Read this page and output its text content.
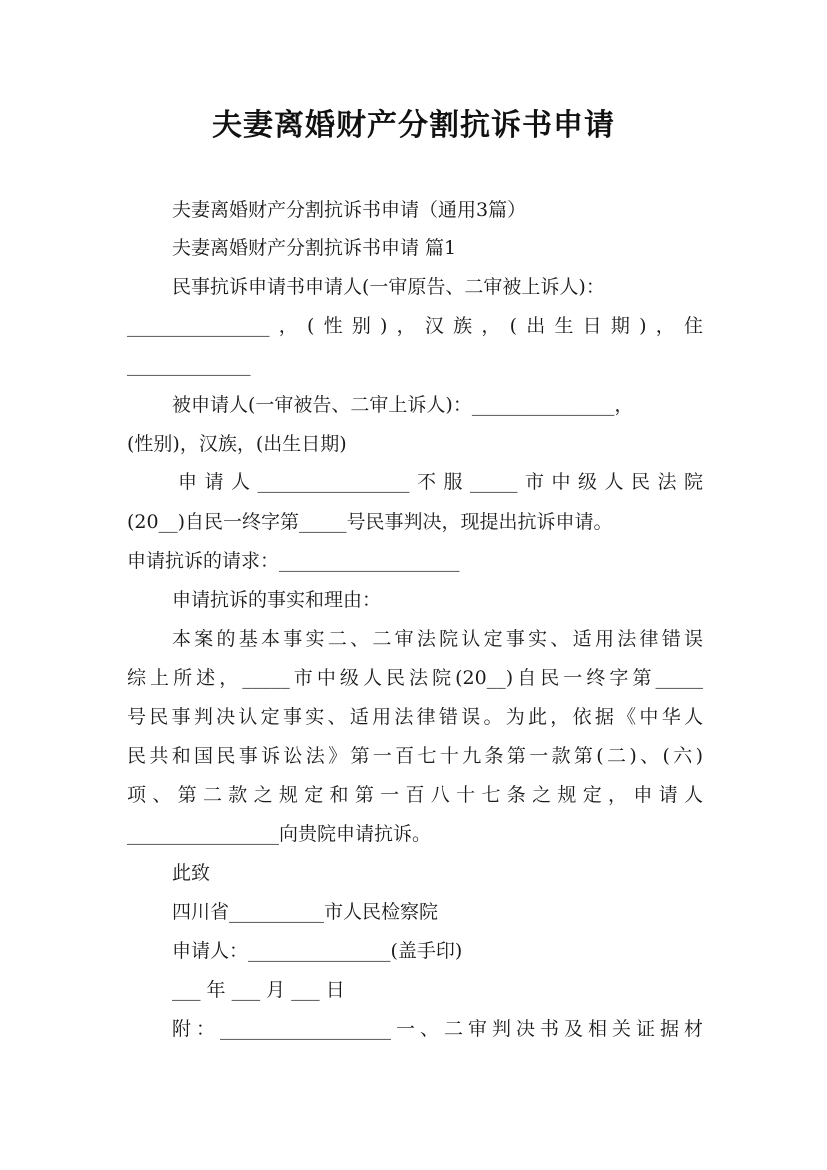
夫妻离婚财产分割抗诉书申请
夫妻离婚财产分割抗诉书申请（通用3篇）
夫妻离婚财产分割抗诉书申请 篇1
民事抗诉申请书申请人(一审原告、二审被上诉人)：
_______________，(性别)，汉族，(出生日期)，住
_____________
被申请人(一审被告、二审上诉人)：_______________，
(性别)，汉族，(出生日期)
申请人________________不服_____市中级人民法院
(20__)自民一终字第_____号民事判决，现提出抗诉申请。
申请抗诉的请求：___________________
申请抗诉的事实和理由：
本案的基本事实二、二审法院认定事实、适用法律错误
综上所述，_____市中级人民法院(20__)自民一终字第_____
号民事判决认定事实、适用法律错误。为此，依据《中华人
民共和国民事诉讼法》第一百七十九条第一款第(二)、(六)
项、第二款之规定和第一百八十七条之规定，申请人
________________向贵院申请抗诉。
此致
四川省__________市人民检察院
申请人：_______________(盖手印)
___ 年 ___ 月 ___ 日
附：__________________一、二审判决书及相关证据材
